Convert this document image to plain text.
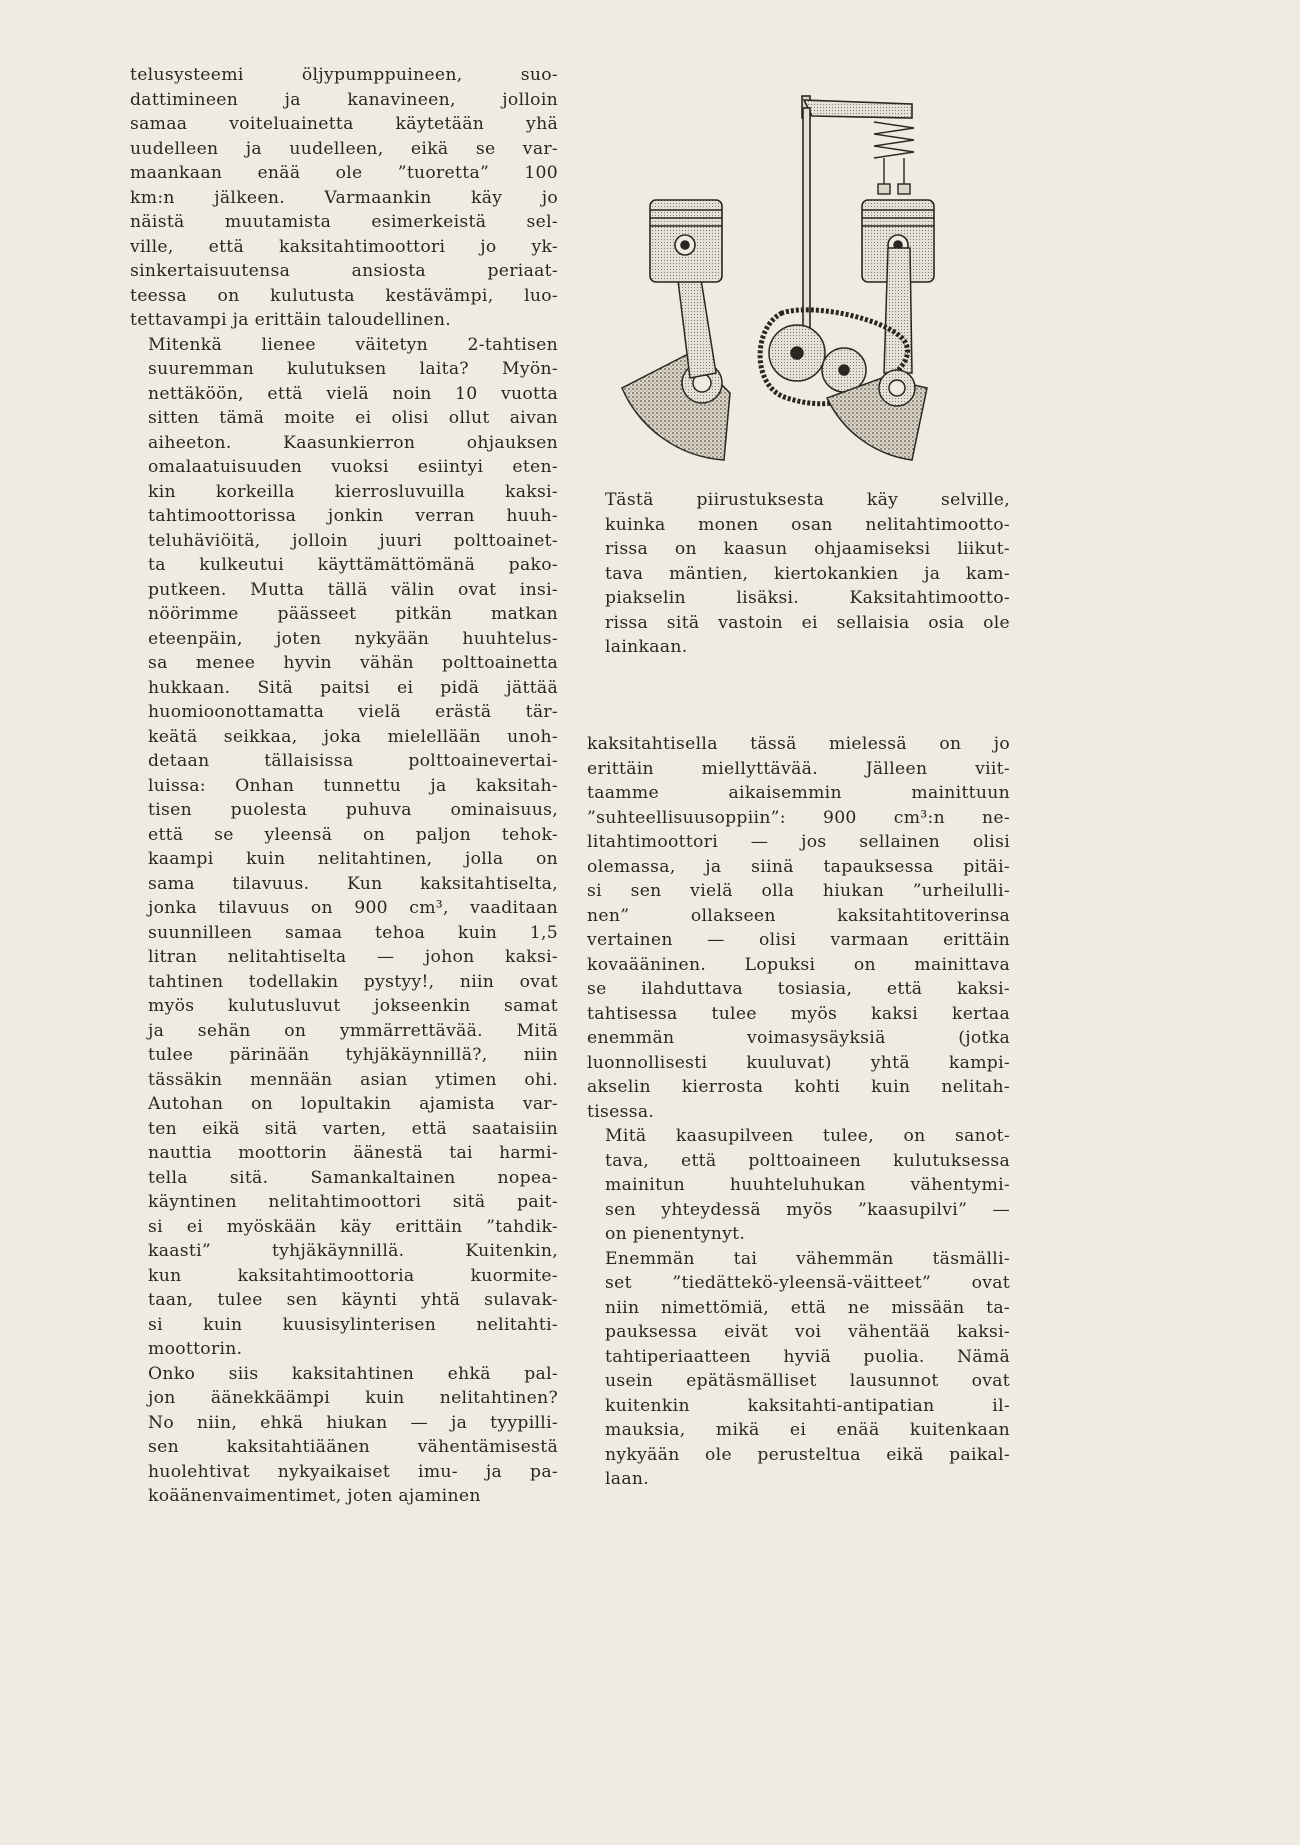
telusysteemi öljypumppuineen, suo-
dattimineen ja kanavineen, jolloin
samaa voiteluainetta käytetään yhä
uudelleen ja uudelleen, eikä se var-
maankaan enää ole ”tuoretta” 100
km:n jälkeen. Varmaankin käy jo
näistä muutamista esimerkeistä sel-
ville, että kaksitahtimoottori jo yk-
sinkertaisuutensa ansiosta periaat-
teessa on kulutusta kestävämpi, luo-
tettavampi ja erittäin taloudellinen.

Mitenkä lienee väitetyn 2-tahtisen
suuremman kulutuksen laita? Myön-
nettäköön, että vielä noin 10 vuotta
sitten tämä moite ei olisi ollut aivan
aiheeton. Kaasunkierron ohjauksen
omalaatuisuuden vuoksi esiintyi eten-
kin korkeilla kierrosluvuilla kaksi-
tahtimoottorissa jonkin verran huuh-
teluhäviöitä, jolloin juuri polttoainet-
ta kulkeutui käyttämättömänä pako-
putkeen. Mutta tällä välin ovat insi-
nöörimme päässeet pitkän matkan
eteenpäin, joten nykyään huuhtelus-
sa menee hyvin vähän polttoainetta
hukkaan. Sitä paitsi ei pidä jättää
huomioonottamatta vielä erästä tär-
keätä seikkaa, joka mielellään unoh-
detaan tällaisissa polttoainevertai-
luissa: Onhan tunnettu ja kaksitah-
tisen puolesta puhuva ominaisuus,
että se yleensä on paljon tehok-
kaampi kuin nelitahtinen, jolla on
sama tilavuus. Kun kaksitahtiselta,
jonka tilavuus on 900 cm³, vaaditaan
suunnilleen samaa tehoa kuin 1,5
litran nelitahtiselta — johon kaksi-
tahtinen todellakin pystyy!, niin ovat
myös kulutusluvut jokseenkin samat
ja sehän on ymmärrettävää. Mitä
tulee pärinään tyhjäkäynnillä?, niin
tässäkin mennään asian ytimen ohi.
Autohan on lopultakin ajamista var-
ten eikä sitä varten, että saataisiin
nauttia moottorin äänestä tai harmi-
tella sitä. Samankaltainen nopea-
käyntinen nelitahtimoottori sitä pait-
si ei myöskään käy erittäin ”tahdik-
kaasti” tyhjäkäynnillä. Kuitenkin,
kun kaksitahtimoottoria kuormite-
taan, tulee sen käynti yhtä sulavak-
si kuin kuusisylinterisen nelitahti-
moottorin.

Onko siis kaksitahtinen ehkä pal-
jon äänekkäämpi kuin nelitahtinen?
No niin, ehkä hiukan — ja tyypilli-
sen kaksitahtiäänen vähentämisestä
huolehtivat nykyaikaiset imu- ja pa-
koäänenvaimentimet, joten ajaminen

Tästä piirustuksesta käy selville,
kuinka monen osan nelitahtimootto-
rissa on kaasun ohjaamiseksi liikut-
tava mäntien, kiertokankien ja kam-
piakselin lisäksi. Kaksitahtimootto-
rissa sitä vastoin ei sellaisia osia ole
lainkaan.

kaksitahtisella tässä mielessä on jo
erittäin miellyttävää. Jälleen viit-
taamme aikaisemmin mainittuun
”suhteellisuusoppiin”: 900 cm³:n ne-
litahtimoottori — jos sellainen olisi
olemassa, ja siinä tapauksessa pitäi-
si sen vielä olla hiukan ”urheilulli-
nen” ollakseen kaksitahtitoverinsa
vertainen — olisi varmaan erittäin
kovaääninen. Lopuksi on mainittava
se ilahduttava tosiasia, että kaksi-
tahtisessa tulee myös kaksi kertaa
enemmän voimasysäyksiä (jotka
luonnollisesti kuuluvat) yhtä kampi-
akselin kierrosta kohti kuin nelitah-
tisessa.

Mitä kaasupilveen tulee, on sanot-
tava, että polttoaineen kulutuksessa
mainitun huuhteluhukan vähentymi-
sen yhteydessä myös ”kaasupilvi” —
on pienentynyt.

Enemmän tai vähemmän täsmälli-
set ”tiedättekö-yleensä-väitteet” ovat
niin nimettömiä, että ne missään ta-
pauksessa eivät voi vähentää kaksi-
tahtiperiaatteen hyviä puolia. Nämä
usein epätäsmälliset lausunnot ovat
kuitenkin kaksitahti-antipatian il-
mauksia, mikä ei enää kuitenkaan
nykyään ole perusteltua eikä paikal-
laan.
